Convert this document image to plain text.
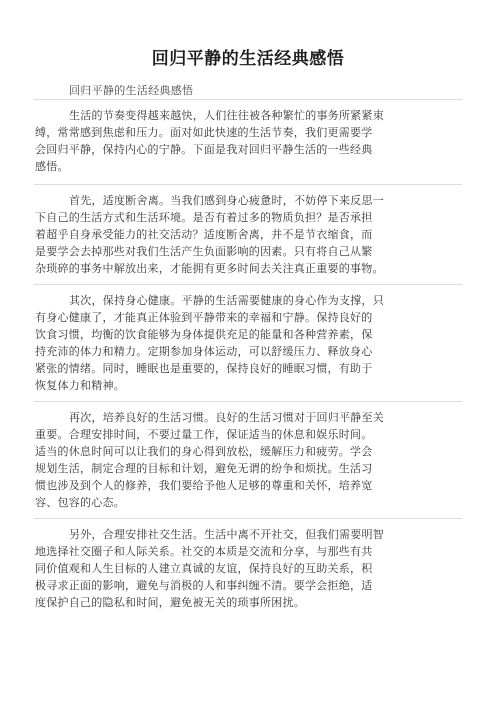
回归平静的生活经典感悟

回归平静的生活经典感悟

生活的节奏变得越来越快，人们往往被各种繁忙的事务所紧紧束
缚，常常感到焦虑和压力。面对如此快速的生活节奏，我们更需要学
会回归平静，保持内心的宁静。下面是我对回归平静生活的一些经典
感悟。
首先，适度断舍离。当我们感到身心疲惫时，不妨停下来反思一
下自己的生活方式和生活环境。是否有着过多的物质负担？是否承担
着超乎自身承受能力的社交活动？适度断舍离，并不是节衣缩食，而
是要学会去掉那些对我们生活产生负面影响的因素。只有将自己从繁
杂琐碎的事务中解放出来，才能拥有更多时间去关注真正重要的事物。
其次，保持身心健康。平静的生活需要健康的身心作为支撑，只
有身心健康了，才能真正体验到平静带来的幸福和宁静。保持良好的
饮食习惯，均衡的饮食能够为身体提供充足的能量和各种营养素，保
持充沛的体力和精力。定期参加身体运动，可以舒缓压力、释放身心
紧张的情绪。同时，睡眠也是重要的，保持良好的睡眠习惯，有助于
恢复体力和精神。
再次，培养良好的生活习惯。良好的生活习惯对于回归平静至关
重要。合理安排时间，不要过量工作，保证适当的休息和娱乐时间。
适当的休息时间可以让我们的身心得到放松，缓解压力和疲劳。学会
规划生活，制定合理的目标和计划，避免无谓的纷争和烦扰。生活习
惯也涉及到个人的修养，我们要给予他人足够的尊重和关怀，培养宽
容、包容的心态。
另外，合理安排社交生活。生活中离不开社交，但我们需要明智
地选择社交圈子和人际关系。社交的本质是交流和分享，与那些有共
同价值观和人生目标的人建立真诚的友谊，保持良好的互助关系，积
极寻求正面的影响，避免与消极的人和事纠缠不清。要学会拒绝，适
度保护自己的隐私和时间，避免被无关的琐事所困扰。
